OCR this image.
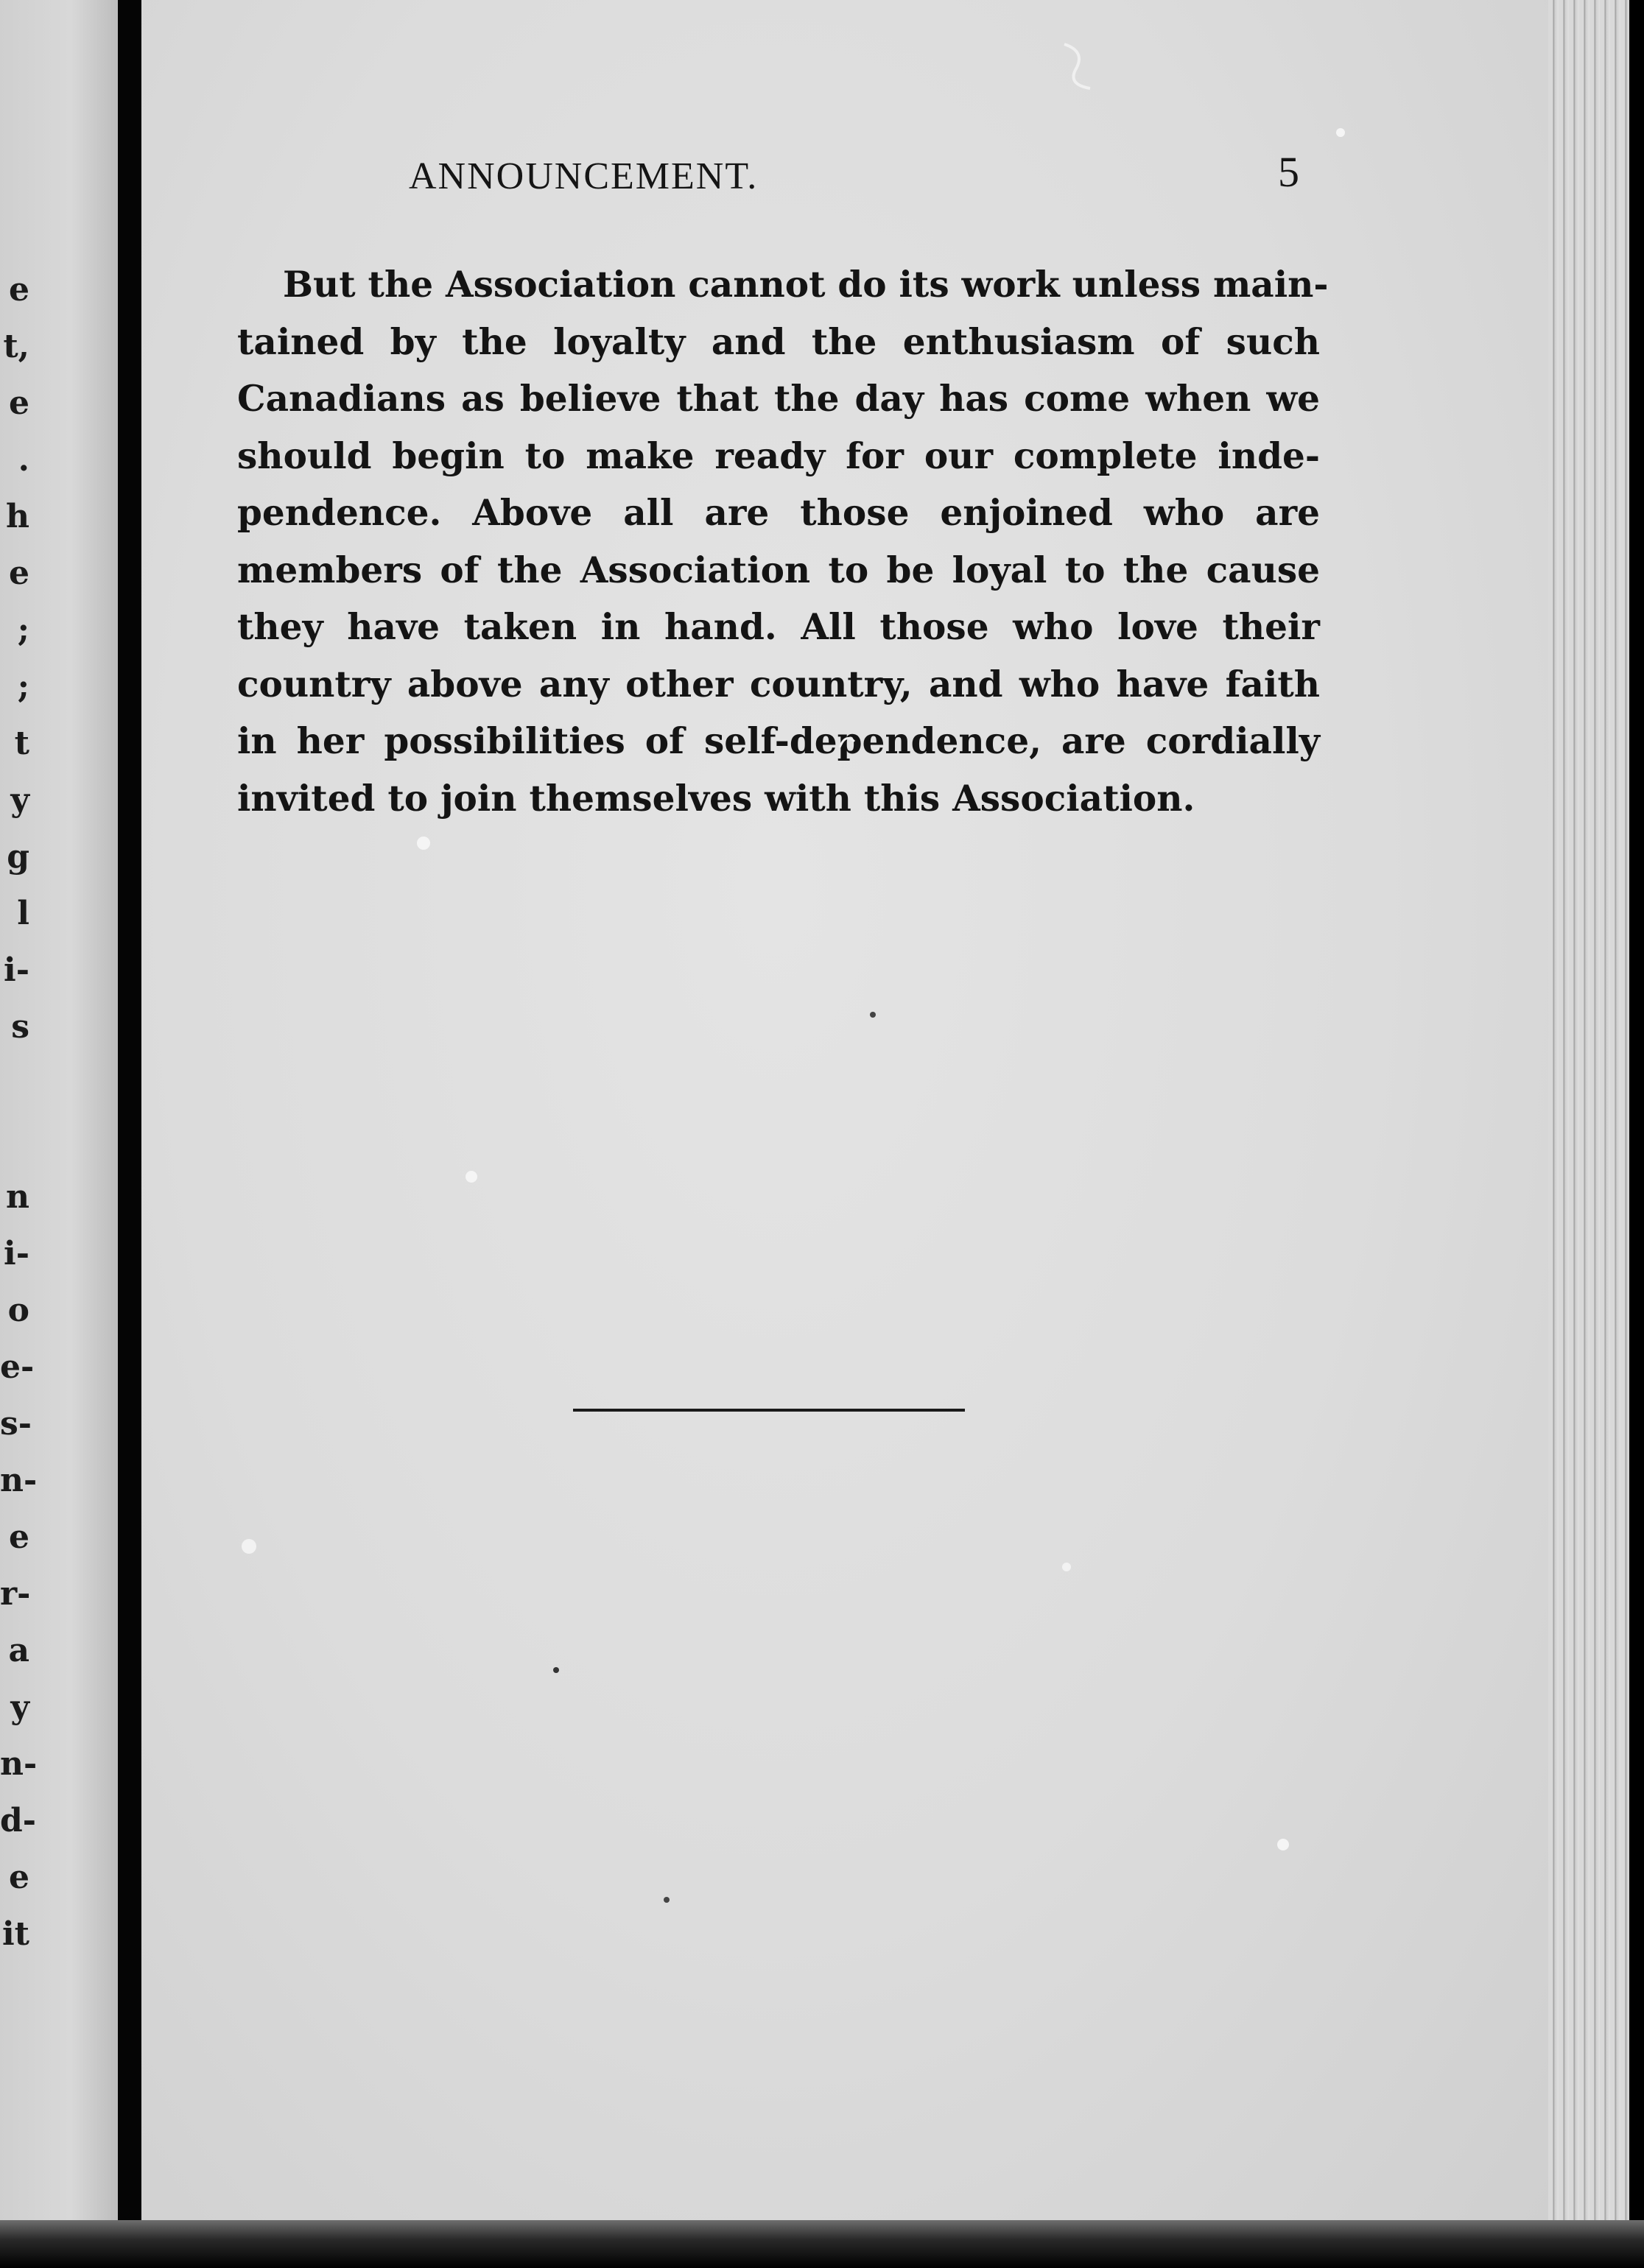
e
t,
e
.
h
e
;
;
t
y
g
l
i-
s
n
i-
o
e-
s-
n-
e
r-
a
y
n-
d-
e
it
ANNOUNCEMENT.	5

But the Association cannot do its work unless main-
tained by the loyalty and the enthusiasm of such
Canadians as believe that the day has come when we
should begin to make ready for our complete inde-
pendence. Above all are those enjoined who are
members of the Association to be loyal to the cause
they have taken in hand. All those who love their
country above any other country, and who have faith
in her possibilities of self-dependence, are cordially
invited to join themselves with this Association.
